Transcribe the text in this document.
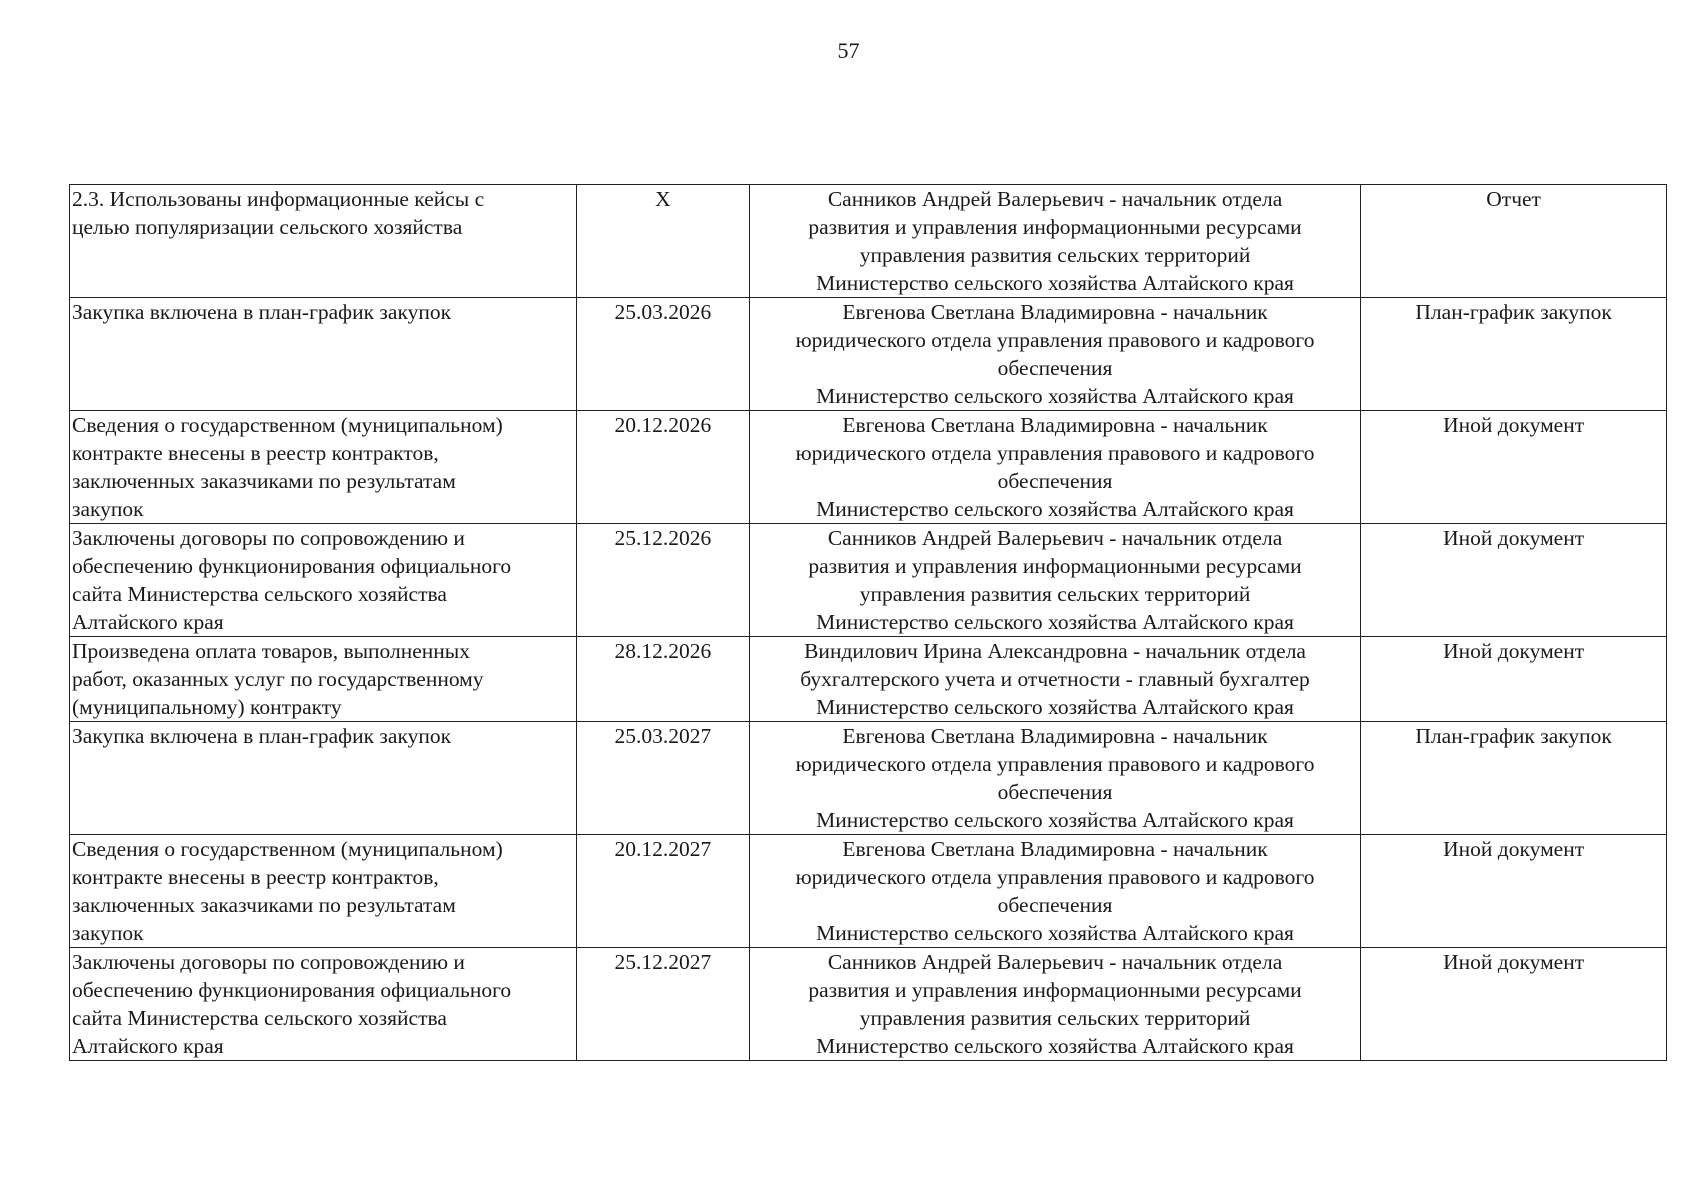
57
2.3. Использованы информационные кейсы с
целью популяризации сельского хозяйства	X	Санников Андрей Валерьевич - начальник отдела
развития и управления информационными ресурсами
управления развития сельских территорий
Министерство сельского хозяйства Алтайского края	Отчет

Закупка включена в план-график закупок	25.03.2026	Евгенова Светлана Владимировна - начальник
юридического отдела управления правового и кадрового
обеспечения
Министерство сельского хозяйства Алтайского края	План-график закупок

Сведения о государственном (муниципальном)
контракте внесены в реестр контрактов,
заключенных заказчиками по результатам
закупок	20.12.2026	Евгенова Светлана Владимировна - начальник
юридического отдела управления правового и кадрового
обеспечения
Министерство сельского хозяйства Алтайского края	Иной документ

Заключены договоры по сопровождению и
обеспечению функционирования официального
сайта Министерства сельского хозяйства
Алтайского края	25.12.2026	Санников Андрей Валерьевич - начальник отдела
развития и управления информационными ресурсами
управления развития сельских территорий
Министерство сельского хозяйства Алтайского края	Иной документ

Произведена оплата товаров, выполненных
работ, оказанных услуг по государственному
(муниципальному) контракту	28.12.2026	Виндилович Ирина Александровна - начальник отдела
бухгалтерского учета и отчетности - главный бухгалтер
Министерство сельского хозяйства Алтайского края	Иной документ

Закупка включена в план-график закупок	25.03.2027	Евгенова Светлана Владимировна - начальник
юридического отдела управления правового и кадрового
обеспечения
Министерство сельского хозяйства Алтайского края	План-график закупок

Сведения о государственном (муниципальном)
контракте внесены в реестр контрактов,
заключенных заказчиками по результатам
закупок	20.12.2027	Евгенова Светлана Владимировна - начальник
юридического отдела управления правового и кадрового
обеспечения
Министерство сельского хозяйства Алтайского края	Иной документ

Заключены договоры по сопровождению и
обеспечению функционирования официального
сайта Министерства сельского хозяйства
Алтайского края	25.12.2027	Санников Андрей Валерьевич - начальник отдела
развития и управления информационными ресурсами
управления развития сельских территорий
Министерство сельского хозяйства Алтайского края	Иной документ
